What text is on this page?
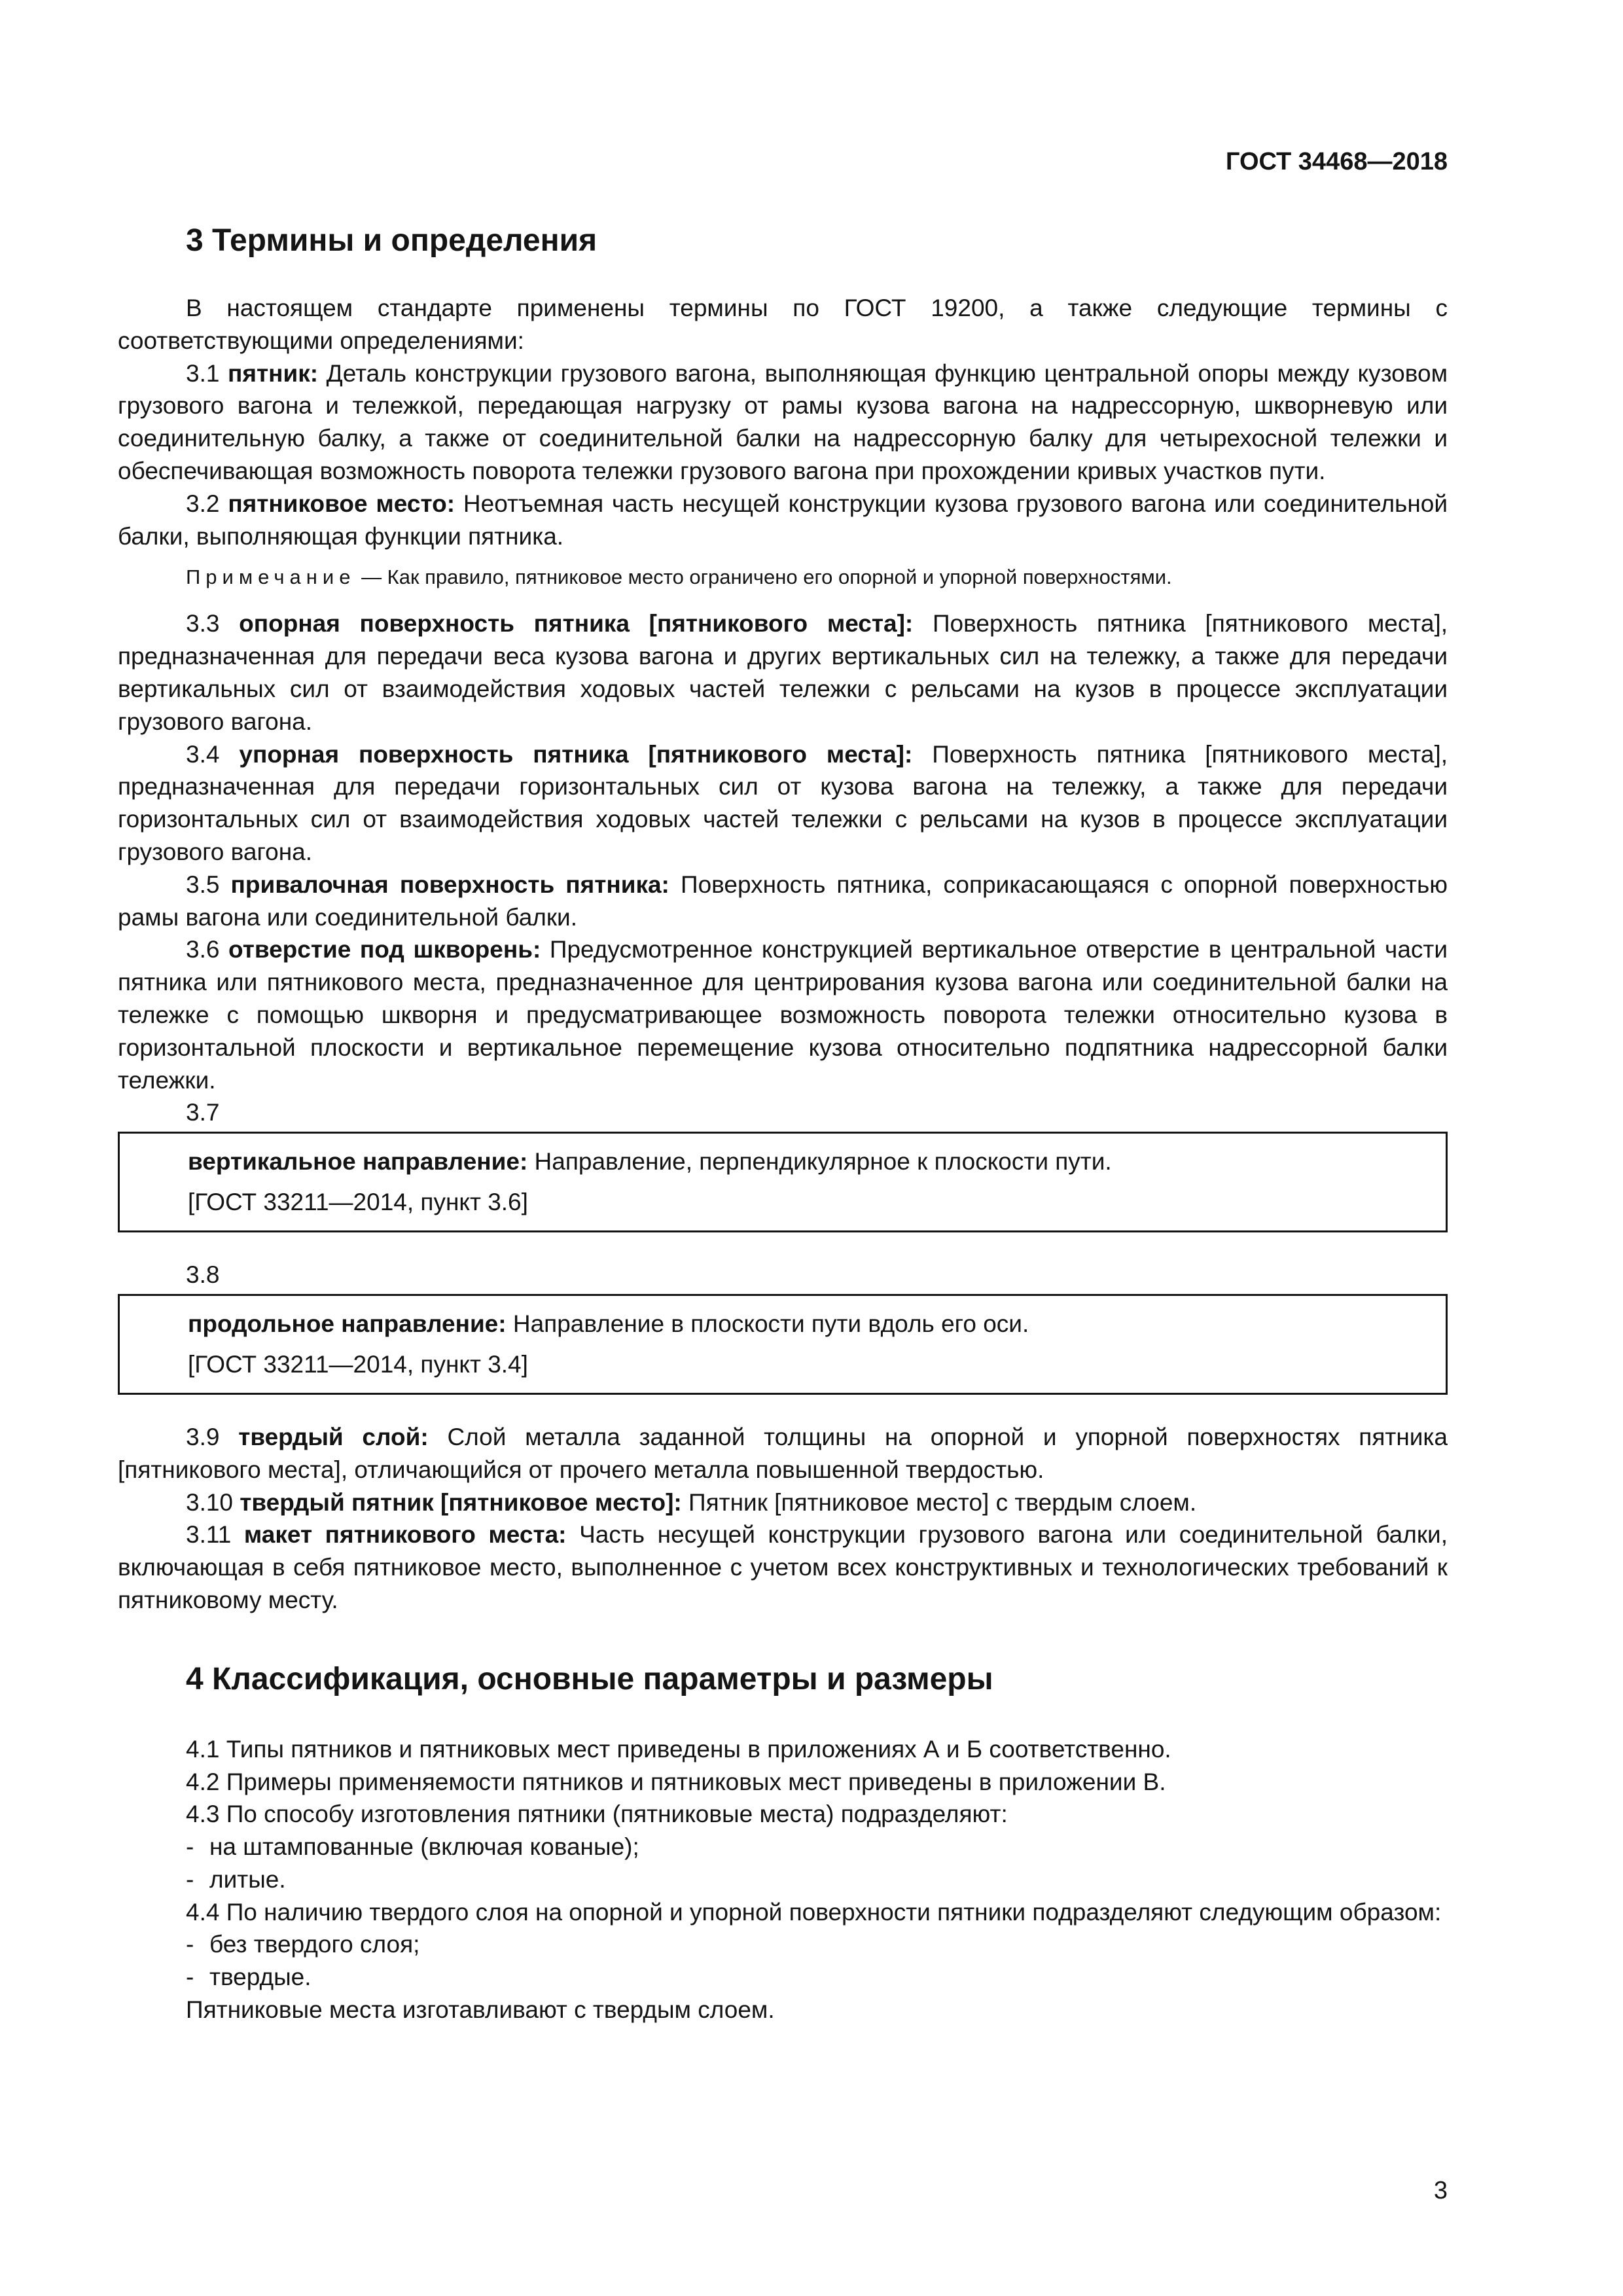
ГОСТ 34468—2018
3 Термины и определения

В настоящем стандарте применены термины по ГОСТ 19200, а также следующие термины с соответствующими определениями:

3.1 пятник: Деталь конструкции грузового вагона, выполняющая функцию центральной опоры между кузовом грузового вагона и тележкой, передающая нагрузку от рамы кузова вагона на надрессорную, шкворневую или соединительную балку, а также от соединительной балки на надрессорную балку для четырехосной тележки и обеспечивающая возможность поворота тележки грузового вагона при прохождении кривых участков пути.

3.2 пятниковое место: Неотъемная часть несущей конструкции кузова грузового вагона или соединительной балки, выполняющая функции пятника.

Примечание — Как правило, пятниковое место ограничено его опорной и упорной поверхностями.

3.3 опорная поверхность пятника [пятникового места]: Поверхность пятника [пятникового места], предназначенная для передачи веса кузова вагона и других вертикальных сил на тележку, а также для передачи вертикальных сил от взаимодействия ходовых частей тележки с рельсами на кузов в процессе эксплуатации грузового вагона.

3.4 упорная поверхность пятника [пятникового места]: Поверхность пятника [пятникового места], предназначенная для передачи горизонтальных сил от кузова вагона на тележку, а также для передачи горизонтальных сил от взаимодействия ходовых частей тележки с рельсами на кузов в процессе эксплуатации грузового вагона.

3.5 привалочная поверхность пятника: Поверхность пятника, соприкасающаяся с опорной поверхностью рамы вагона или соединительной балки.

3.6 отверстие под шкворень: Предусмотренное конструкцией вертикальное отверстие в центральной части пятника или пятникового места, предназначенное для центрирования кузова вагона или соединительной балки на тележке с помощью шкворня и предусматривающее возможность поворота тележки относительно кузова в горизонтальной плоскости и вертикальное перемещение кузова относительно подпятника надрессорной балки тележки.

3.7

вертикальное направление: Направление, перпендикулярное к плоскости пути.

[ГОСТ 33211—2014, пункт 3.6]

3.8

продольное направление: Направление в плоскости пути вдоль его оси.

[ГОСТ 33211—2014, пункт 3.4]

3.9 твердый слой: Слой металла заданной толщины на опорной и упорной поверхностях пятника [пятникового места], отличающийся от прочего металла повышенной твердостью.

3.10 твердый пятник [пятниковое место]: Пятник [пятниковое место] с твердым слоем.

3.11 макет пятникового места: Часть несущей конструкции грузового вагона или соединительной балки, включающая в себя пятниковое место, выполненное с учетом всех конструктивных и технологических требований к пятниковому месту.

4 Классификация, основные параметры и размеры

4.1 Типы пятников и пятниковых мест приведены в приложениях А и Б соответственно.

4.2 Примеры применяемости пятников и пятниковых мест приведены в приложении В.

4.3 По способу изготовления пятники (пятниковые места) подразделяют:

- на штампованные (включая кованые);
- литые.

4.4 По наличию твердого слоя на опорной и упорной поверхности пятники подразделяют следующим образом:

- без твердого слоя;
- твердые.
Пятниковые места изготавливают с твердым слоем.
3
